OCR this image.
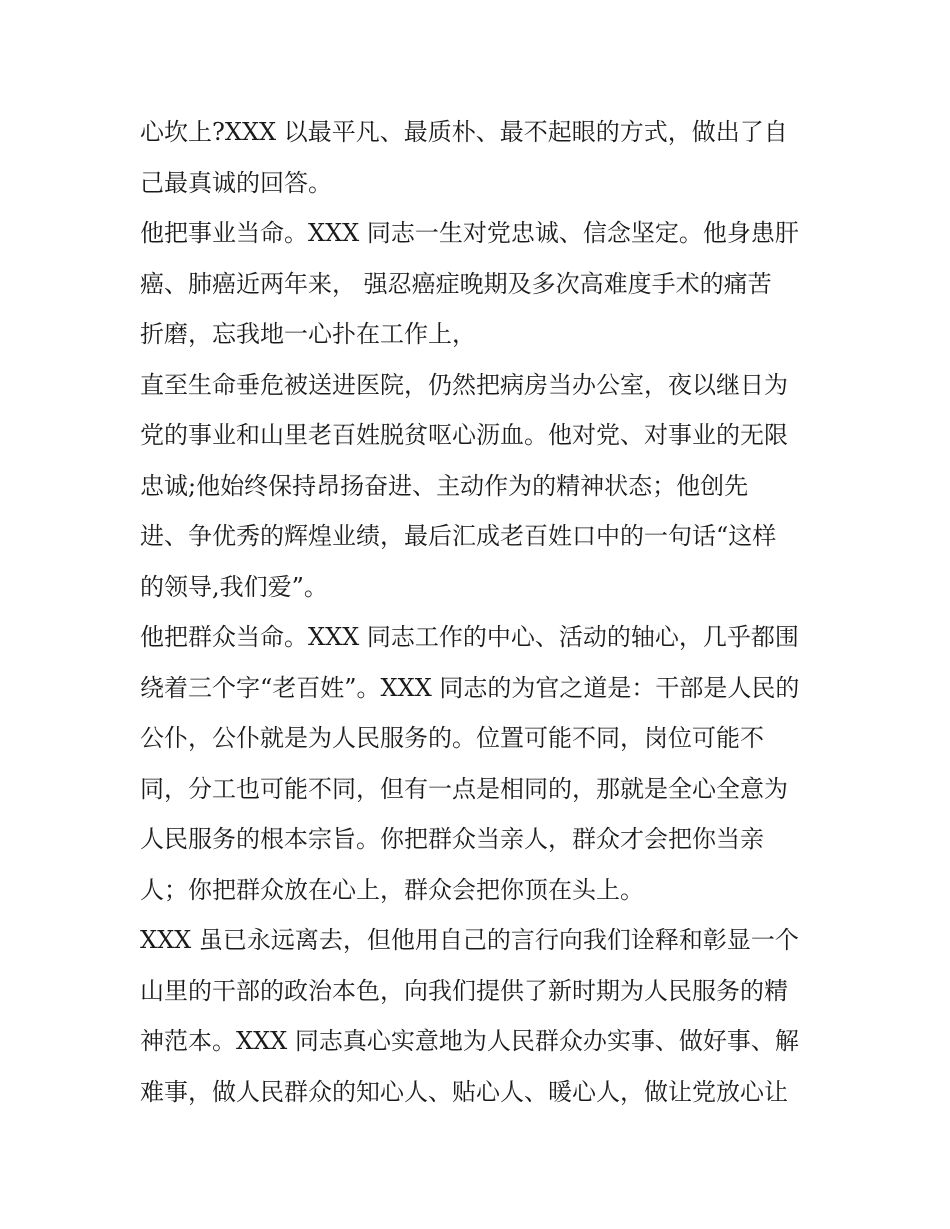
心坎上?XXX 以最平凡、最质朴、最不起眼的方式，做出了自
己最真诚的回答。
他把事业当命。XXX 同志一生对党忠诚、信念坚定。他身患肝
癌、肺癌近两年来， 强忍癌症晚期及多次高难度手术的痛苦
折磨，忘我地一心扑在工作上，
直至生命垂危被送进医院，仍然把病房当办公室，夜以继日为
党的事业和山里老百姓脱贫呕心沥血。他对党、对事业的无限
忠诚;他始终保持昂扬奋进、主动作为的精神状态；他创先
进、争优秀的辉煌业绩，最后汇成老百姓口中的一句话“这样
的领导,我们爱”。
他把群众当命。XXX 同志工作的中心、活动的轴心，几乎都围
绕着三个字“老百姓”。XXX 同志的为官之道是：干部是人民的
公仆，公仆就是为人民服务的。位置可能不同，岗位可能不
同，分工也可能不同，但有一点是相同的，那就是全心全意为
人民服务的根本宗旨。你把群众当亲人，群众才会把你当亲
人；你把群众放在心上，群众会把你顶在头上。
XXX 虽已永远离去，但他用自己的言行向我们诠释和彰显一个
山里的干部的政治本色，向我们提供了新时期为人民服务的精
神范本。XXX 同志真心实意地为人民群众办实事、做好事、解
难事，做人民群众的知心人、贴心人、暖心人，做让党放心让
